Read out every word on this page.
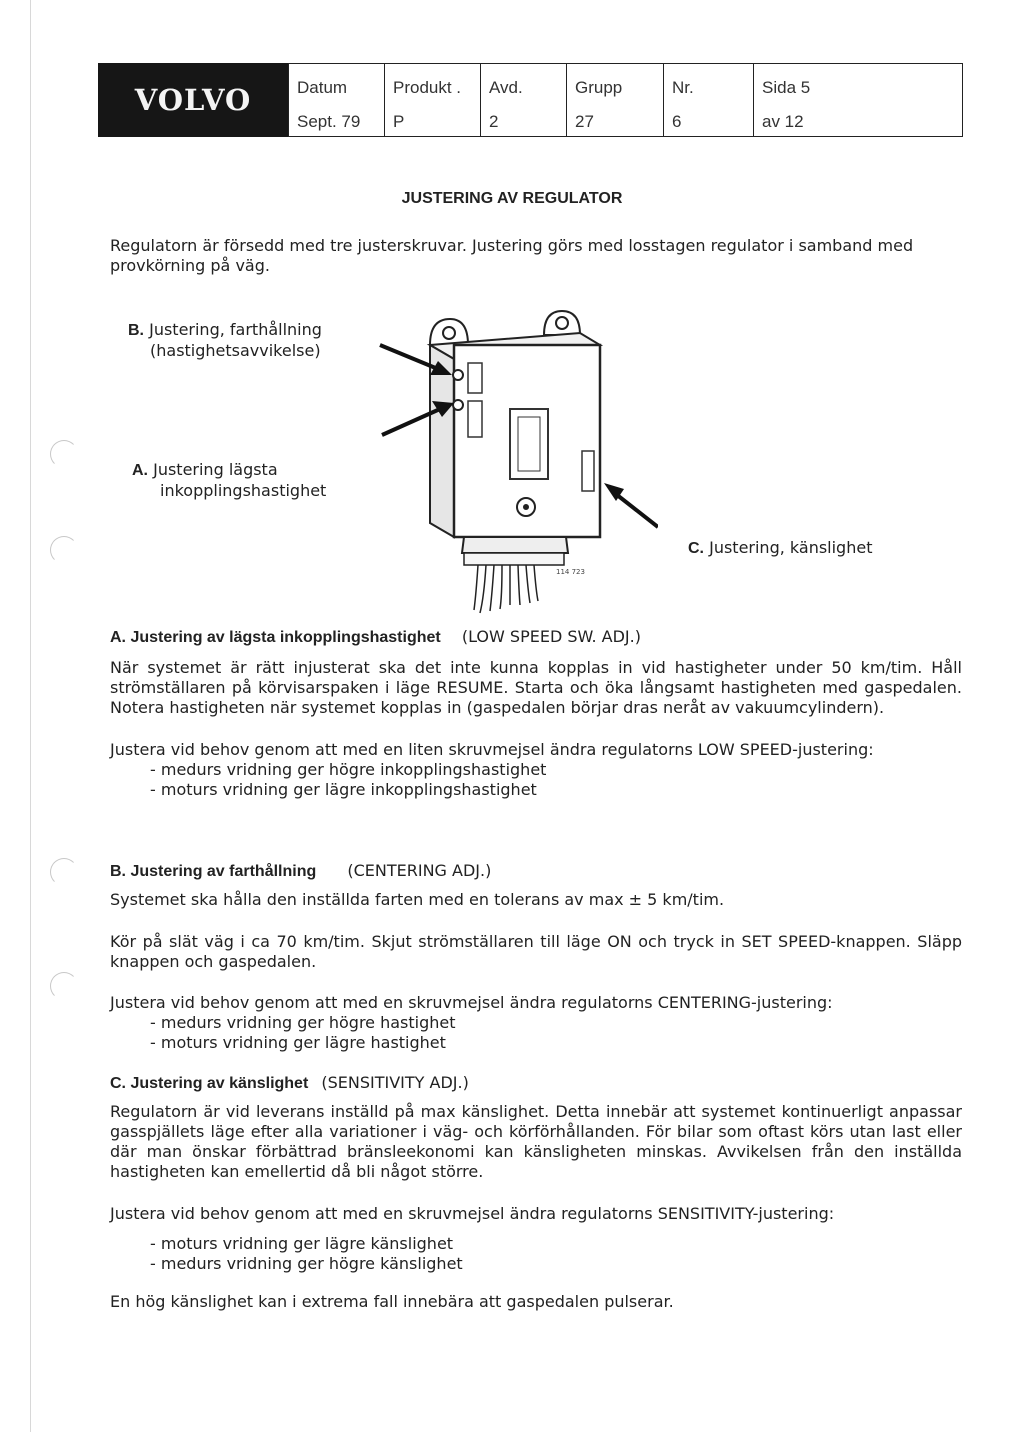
VOLVO	Datum
Sept. 79
Produkt .
P
Avd.
2
Grupp
27
Nr.
6
Sida 5
av 12
JUSTERING AV REGULATOR

Regulatorn är försedd med tre justerskruvar. Justering görs med losstagen regulator i samband med provkörning på väg.

B. Justering, farthållning
(hastighetsavvikelse)
A. Justering lägsta
inkopplingshastighet
C. Justering, känslighet
114 723
A. Justering av lägsta inkopplingshastighet (LOW SPEED SW. ADJ.)

När systemet är rätt injusterat ska det inte kunna kopplas in vid hastigheter under 50 km/tim. Håll strömställaren på körvisarspaken i läge RESUME. Starta och öka långsamt hastigheten med gaspedalen. Notera hastigheten när systemet kopplas in (gaspedalen börjar dras neråt av vakuumcylindern).

Justera vid behov genom att med en liten skruvmejsel ändra regulatorns LOW SPEED-justering:

- medurs vridning ger högre inkopplingshastighet
- moturs vridning ger lägre inkopplingshastighet
B. Justering av farthållning (CENTERING ADJ.)

Systemet ska hålla den inställda farten med en tolerans av max ± 5 km/tim.

Kör på slät väg i ca 70 km/tim. Skjut strömställaren till läge ON och tryck in SET SPEED-knappen. Släpp knappen och gaspedalen.

Justera vid behov genom att med en skruvmejsel ändra regulatorns CENTERING-justering:

- medurs vridning ger högre hastighet
- moturs vridning ger lägre hastighet
C. Justering av känslighet (SENSITIVITY ADJ.)

Regulatorn är vid leverans inställd på max känslighet. Detta innebär att systemet kontinuerligt anpassar gasspjällets läge efter alla variationer i väg- och körförhållanden. För bilar som oftast körs utan last eller där man önskar förbättrad bränsleekonomi kan känsligheten minskas. Avvikelsen från den inställda hastigheten kan emellertid då bli något större.

Justera vid behov genom att med en skruvmejsel ändra regulatorns SENSITIVITY-justering:

- moturs vridning ger lägre känslighet
- medurs vridning ger högre känslighet

En hög känslighet kan i extrema fall innebära att gaspedalen pulserar.
